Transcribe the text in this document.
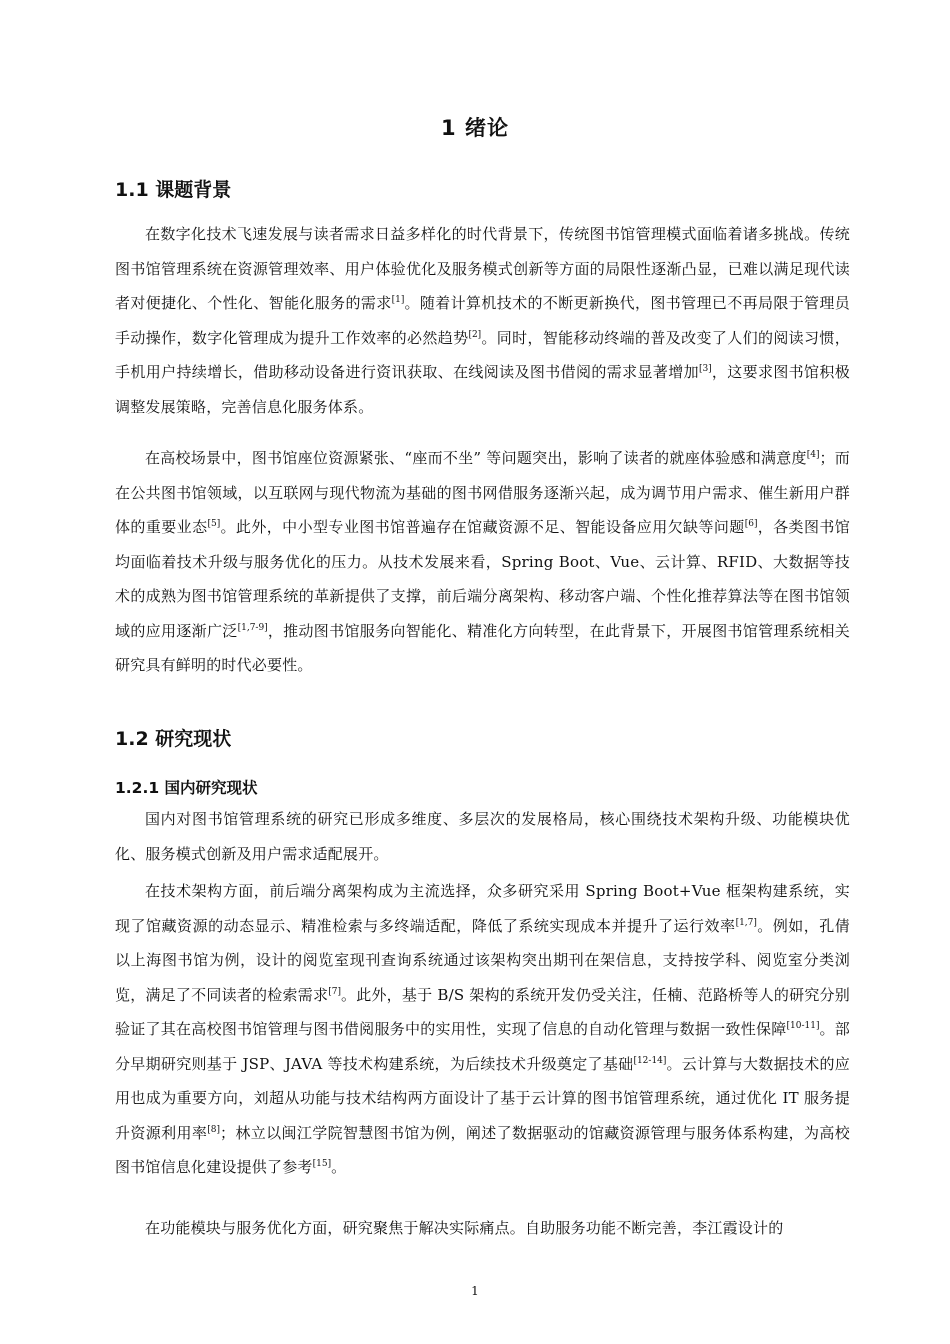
1 绪论
1.1 课题背景
在数字化技术飞速发展与读者需求日益多样化的时代背景下，传统图书馆管理模式面临着诸多挑战。传统图书馆管理系统在资源管理效率、用户体验优化及服务模式创新等方面的局限性逐渐凸显，已难以满足现代读者对便捷化、个性化、智能化服务的需求[1]。随着计算机技术的不断更新换代，图书管理已不再局限于管理员手动操作，数字化管理成为提升工作效率的必然趋势[2]。同时，智能移动终端的普及改变了人们的阅读习惯，手机用户持续增长，借助移动设备进行资讯获取、在线阅读及图书借阅的需求显著增加[3]，这要求图书馆积极调整发展策略，完善信息化服务体系。
在高校场景中，图书馆座位资源紧张、“座而不坐” 等问题突出，影响了读者的就座体验感和满意度[4]；而在公共图书馆领域，以互联网与现代物流为基础的图书网借服务逐渐兴起，成为调节用户需求、催生新用户群体的重要业态[5]。此外，中小型专业图书馆普遍存在馆藏资源不足、智能设备应用欠缺等问题[6]，各类图书馆均面临着技术升级与服务优化的压力。从技术发展来看，Spring Boot、Vue、云计算、RFID、大数据等技术的成熟为图书馆管理系统的革新提供了支撑，前后端分离架构、移动客户端、个性化推荐算法等在图书馆领域的应用逐渐广泛[1,7-9]，推动图书馆服务向智能化、精准化方向转型，在此背景下，开展图书馆管理系统相关研究具有鲜明的时代必要性。
1.2 研究现状
1.2.1 国内研究现状
国内对图书馆管理系统的研究已形成多维度、多层次的发展格局，核心围绕技术架构升级、功能模块优化、服务模式创新及用户需求适配展开。
在技术架构方面，前后端分离架构成为主流选择，众多研究采用 Spring Boot+Vue 框架构建系统，实现了馆藏资源的动态显示、精准检索与多终端适配，降低了系统实现成本并提升了运行效率[1,7]。例如，孔倩以上海图书馆为例，设计的阅览室现刊查询系统通过该架构突出期刊在架信息，支持按学科、阅览室分类浏览，满足了不同读者的检索需求[7]。此外，基于 B/S 架构的系统开发仍受关注，任楠、范路桥等人的研究分别验证了其在高校图书馆管理与图书借阅服务中的实用性，实现了信息的自动化管理与数据一致性保障[10-11]。部分早期研究则基于 JSP、JAVA 等技术构建系统，为后续技术升级奠定了基础[12-14]。云计算与大数据技术的应用也成为重要方向，刘超从功能与技术结构两方面设计了基于云计算的图书馆管理系统，通过优化 IT 服务提升资源利用率[8]；林立以闽江学院智慧图书馆为例，阐述了数据驱动的馆藏资源管理与服务体系构建，为高校图书馆信息化建设提供了参考[15]。
在功能模块与服务优化方面，研究聚焦于解决实际痛点。自助服务功能不断完善，李江霞设计的
1
